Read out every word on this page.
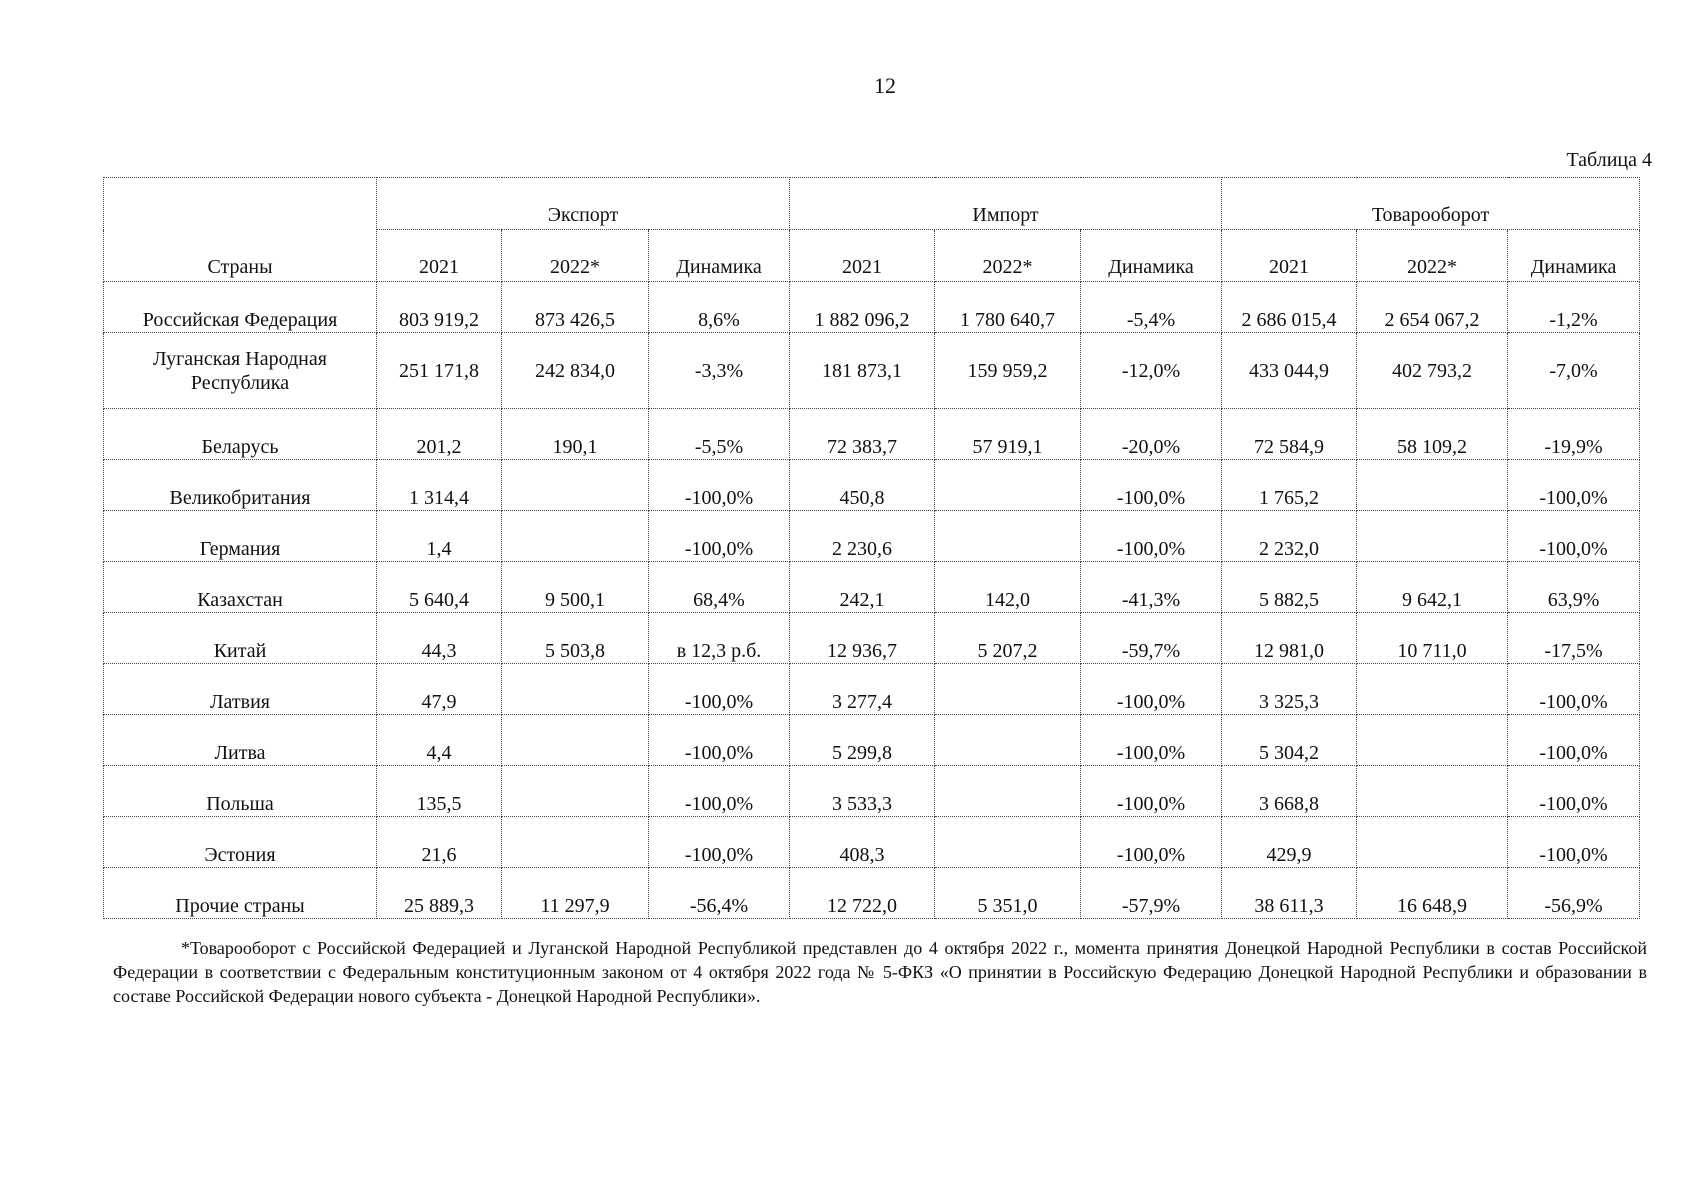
12
Таблица 4
Страны	Экспорт			Импорт			Товарооборот		
	2021	2022*	Динамика	2021	2022*	Динамика	2021	2022*	Динамика
Российская Федерация	803 919,2	873 426,5	8,6%	1 882 096,2	1 780 640,7	-5,4%	2 686 015,4	2 654 067,2	-1,2%
Луганская Народная Республика	251 171,8	242 834,0	-3,3%	181 873,1	159 959,2	-12,0%	433 044,9	402 793,2	-7,0%
Беларусь	201,2	190,1	-5,5%	72 383,7	57 919,1	-20,0%	72 584,9	58 109,2	-19,9%
Великобритания	1 314,4		-100,0%	450,8		-100,0%	1 765,2		-100,0%
Германия	1,4		-100,0%	2 230,6		-100,0%	2 232,0		-100,0%
Казахстан	5 640,4	9 500,1	68,4%	242,1	142,0	-41,3%	5 882,5	9 642,1	63,9%
Китай	44,3	5 503,8	в 12,3 р.б.	12 936,7	5 207,2	-59,7%	12 981,0	10 711,0	-17,5%
Латвия	47,9		-100,0%	3 277,4		-100,0%	3 325,3		-100,0%
Литва	4,4		-100,0%	5 299,8		-100,0%	5 304,2		-100,0%
Польша	135,5		-100,0%	3 533,3		-100,0%	3 668,8		-100,0%
Эстония	21,6		-100,0%	408,3		-100,0%	429,9		-100,0%
Прочие страны	25 889,3	11 297,9	-56,4%	12 722,0	5 351,0	-57,9%	38 611,3	16 648,9	-56,9%
*Товарооборот с Российской Федерацией и Луганской Народной Республикой представлен до 4 октября 2022 г., момента принятия Донецкой Народной Республики в состав Российской Федерации в соответствии с Федеральным конституционным законом от 4 октября 2022 года № 5-ФКЗ «О принятии в Российскую Федерацию Донецкой Народной Республики и образовании в составе Российской Федерации нового субъекта - Донецкой Народной Республики».
